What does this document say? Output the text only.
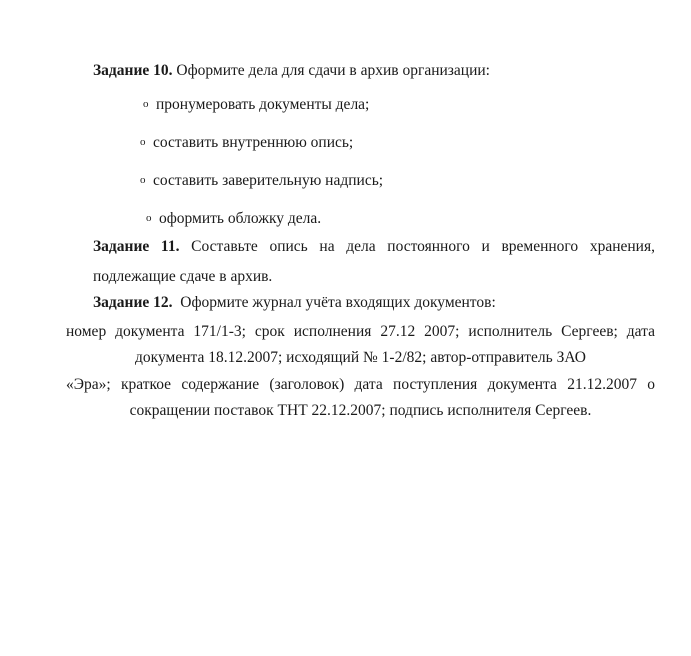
Задание 10. Оформите дела для сдачи в архив организации:

o пронумеровать документы дела;
o составить внутреннюю опись;
o составить заверительную надпись;
o оформить обложку дела.

Задание 11. Составьте опись на дела постоянного и временного хранения,

подлежащие сдаче в архив.

Задание 12. Оформите журнал учёта входящих документов:

номер документа 171/1-3; срок исполнения 27.12 2007; исполнитель Сергеев; дата

документа 18.12.2007; исходящий № 1-2/82; автор-отправитель ЗАО

«Эра»; краткое содержание (заголовок) дата поступления документа 21.12.2007 о

сокращении поставок ТНТ 22.12.2007; подпись исполнителя Сергеев.
